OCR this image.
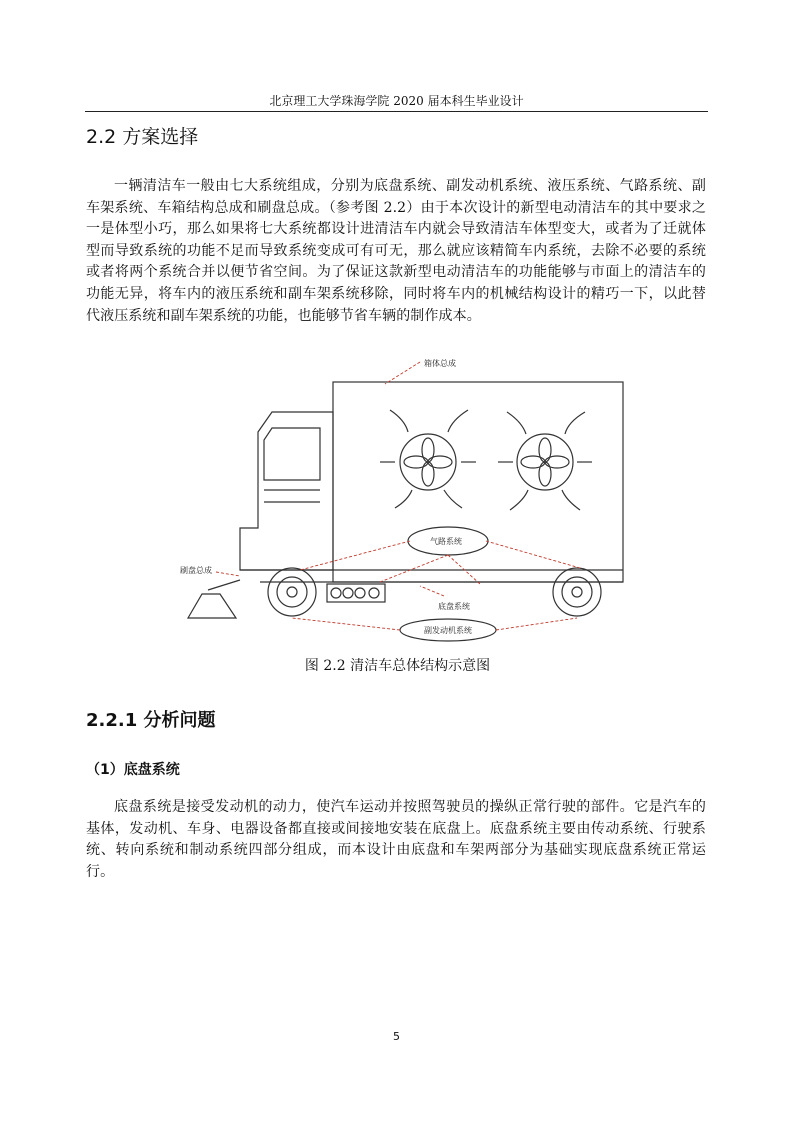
北京理工大学珠海学院 2020 届本科生毕业设计
2.2 方案选择

一辆清洁车一般由七大系统组成，分别为底盘系统、副发动机系统、液压系统、气路系统、副车架系统、车箱结构总成和刷盘总成。（参考图 2.2）由于本次设计的新型电动清洁车的其中要求之一是体型小巧，那么如果将七大系统都设计进清洁车内就会导致清洁车体型变大，或者为了迁就体型而导致系统的功能不足而导致系统变成可有可无，那么就应该精简车内系统，去除不必要的系统或者将两个系统合并以便节省空间。为了保证这款新型电动清洁车的功能能够与市面上的清洁车的功能无异，将车内的液压系统和副车架系统移除，同时将车内的机械结构设计的精巧一下，以此替代液压系统和副车架系统的功能，也能够节省车辆的制作成本。

箱体总成
气路系统
刷盘总成
底盘系统
副发动机系统
图 2.2 清洁车总体结构示意图
2.2.1 分析问题
（1）底盘系统

底盘系统是接受发动机的动力，使汽车运动并按照驾驶员的操纵正常行驶的部件。它是汽车的基体，发动机、车身、电器设备都直接或间接地安装在底盘上。底盘系统主要由传动系统、行驶系统、转向系统和制动系统四部分组成，而本设计由底盘和车架两部分为基础实现底盘系统正常运行。

5
